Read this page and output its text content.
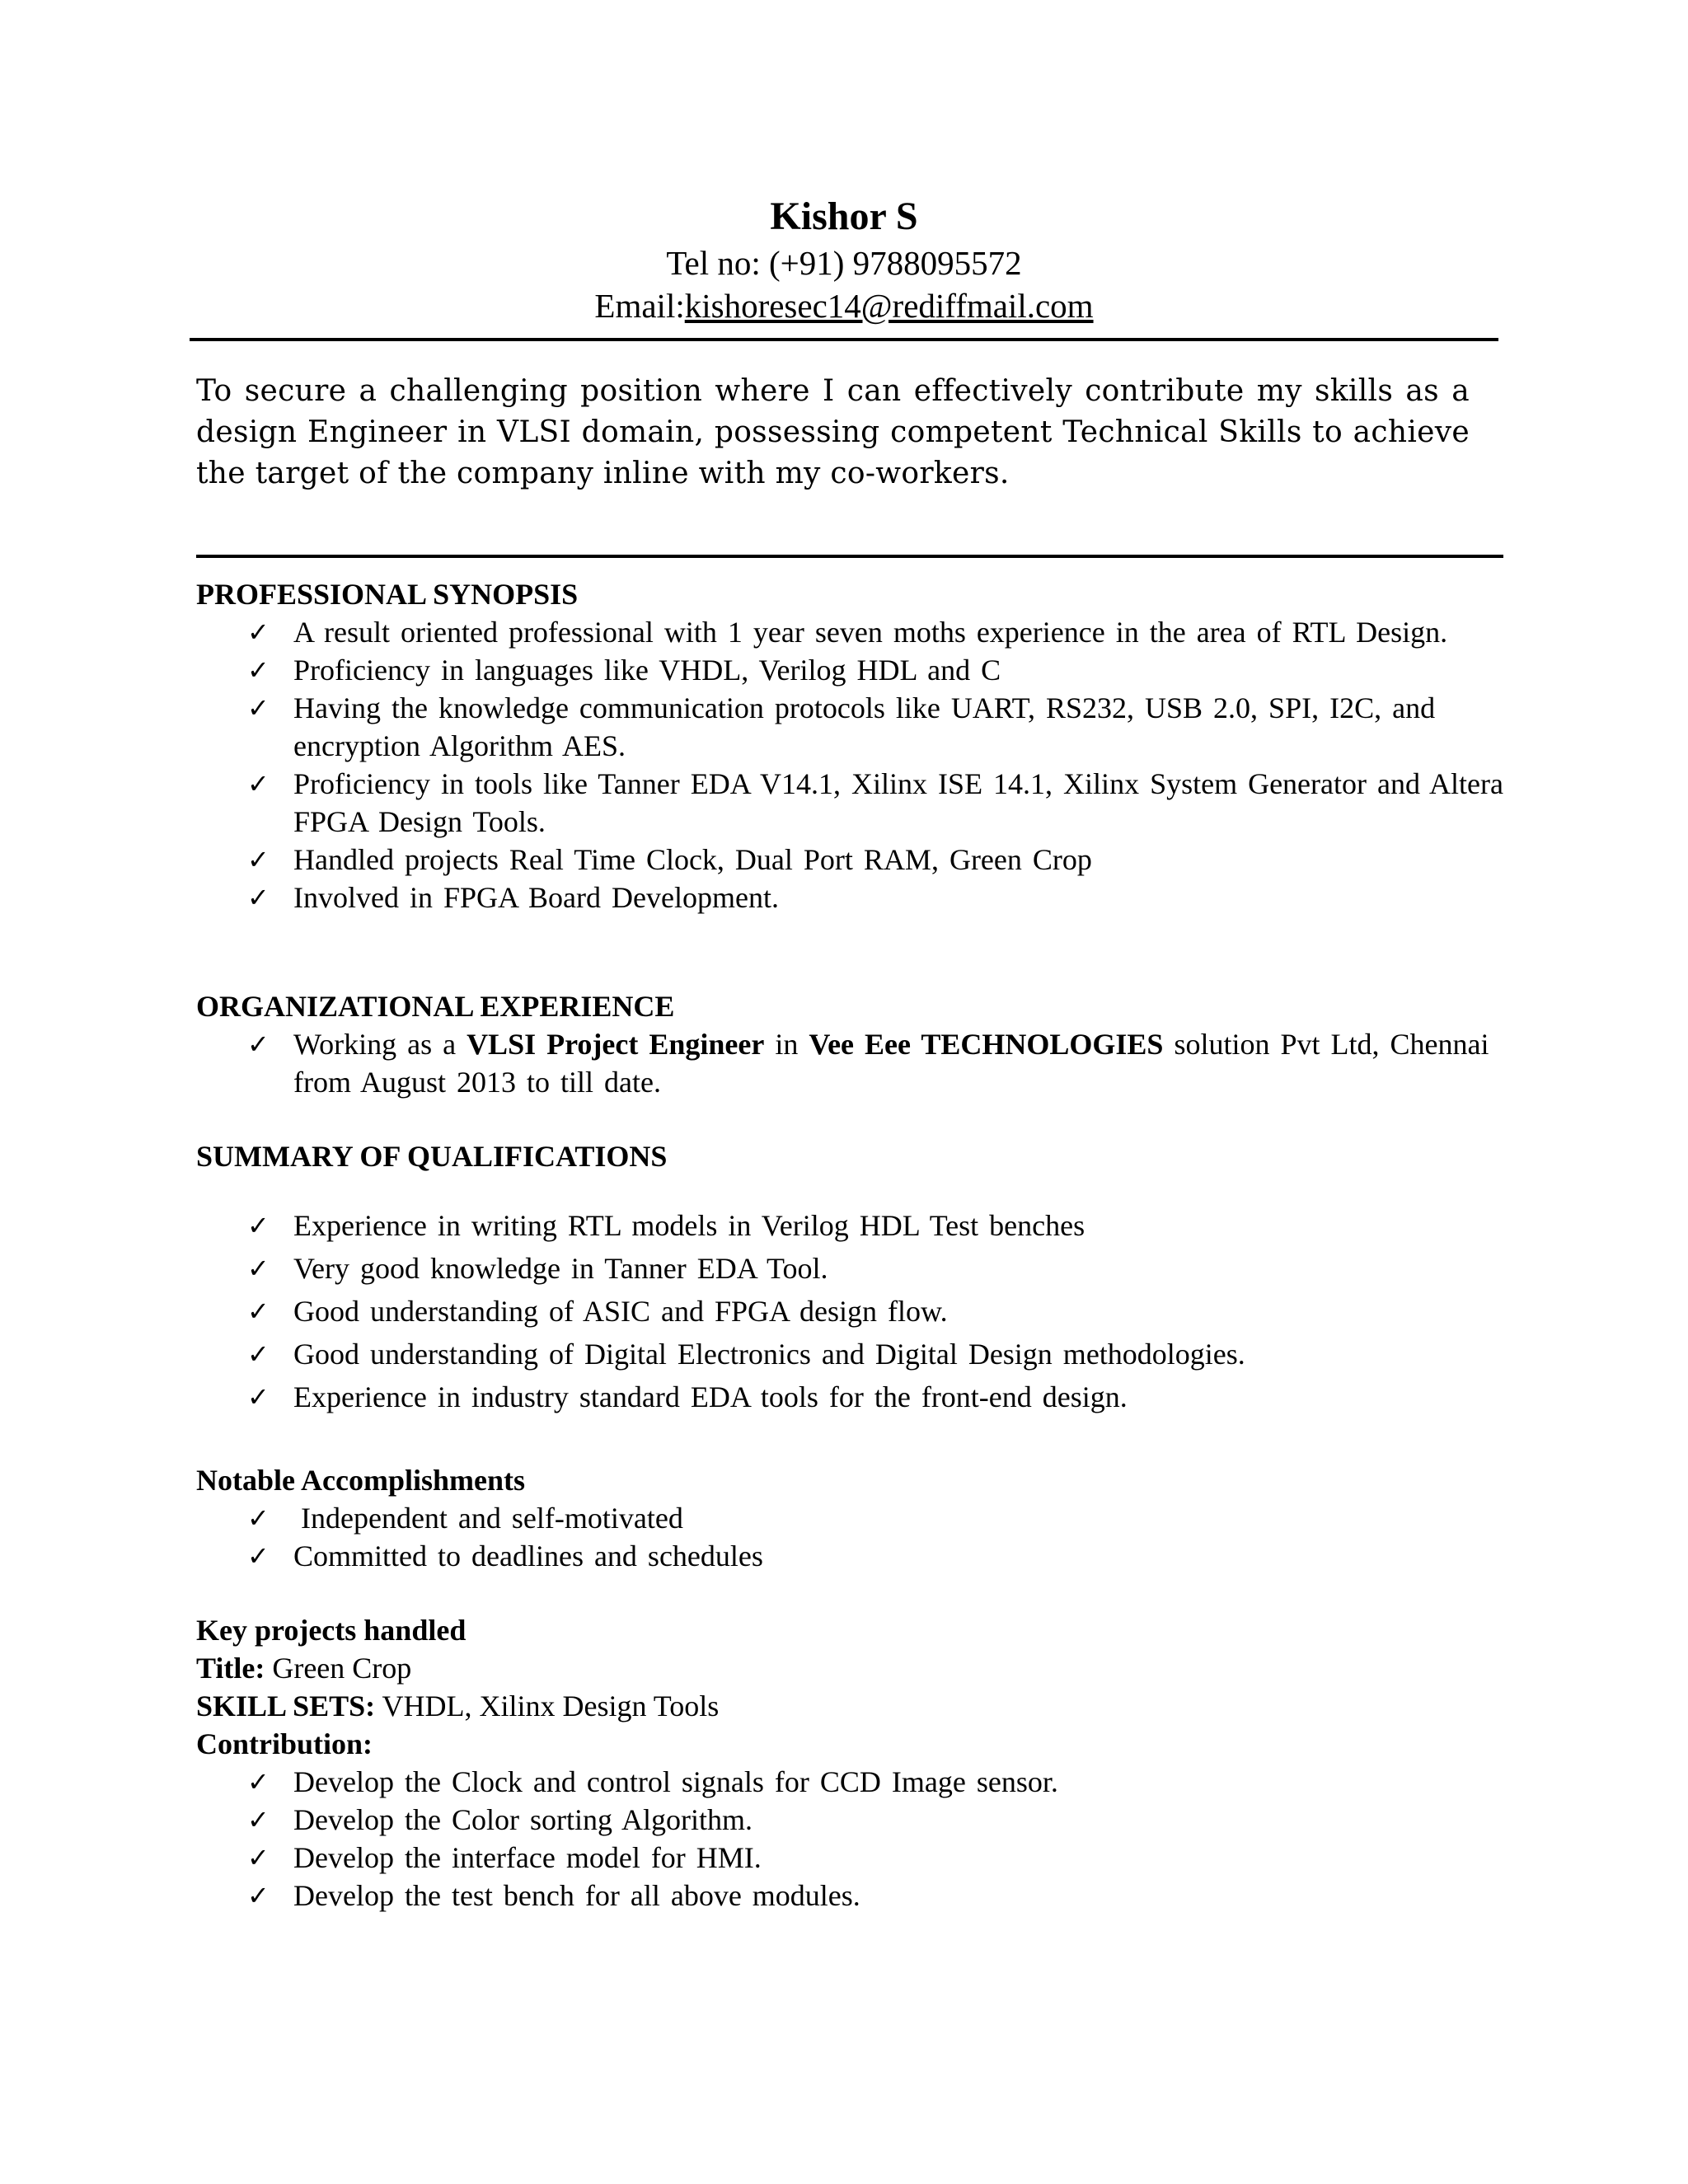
Kishor S
Tel no: (+91) 9788095572
Email:kishoresec14@rediffmail.com
To secure a challenging position where I can effectively contribute my skills as a design Engineer in VLSI domain, possessing competent Technical Skills to achieve the target of the company inline with my co-workers.
PROFESSIONAL SYNOPSIS
✓ A result oriented professional with 1 year seven moths experience in the area of RTL Design.
✓ Proficiency in languages like VHDL, Verilog HDL and C
✓ Having the knowledge communication protocols like UART, RS232, USB 2.0, SPI, I2C, and encryption Algorithm AES.
✓ Proficiency in tools like Tanner EDA V14.1, Xilinx ISE 14.1, Xilinx System Generator and Altera FPGA Design Tools.
✓ Handled projects Real Time Clock, Dual Port RAM, Green Crop
✓ Involved in FPGA Board Development.
ORGANIZATIONAL EXPERIENCE
✓ Working as a VLSI Project Engineer in Vee Eee TECHNOLOGIES solution Pvt Ltd, Chennai from August 2013 to till date.
SUMMARY OF QUALIFICATIONS
✓ Experience in writing RTL models in Verilog HDL Test benches
✓ Very good knowledge in Tanner EDA Tool.
✓ Good understanding of ASIC and FPGA design flow.
✓ Good understanding of Digital Electronics and Digital Design methodologies.
✓ Experience in industry standard EDA tools for the front-end design.
Notable Accomplishments
✓ Independent and self-motivated
✓ Committed to deadlines and schedules
Key projects handled
Title: Green Crop
SKILL SETS: VHDL, Xilinx Design Tools
Contribution:
✓ Develop the Clock and control signals for CCD Image sensor.
✓ Develop the Color sorting Algorithm.
✓ Develop the interface model for HMI.
✓ Develop the test bench for all above modules.
